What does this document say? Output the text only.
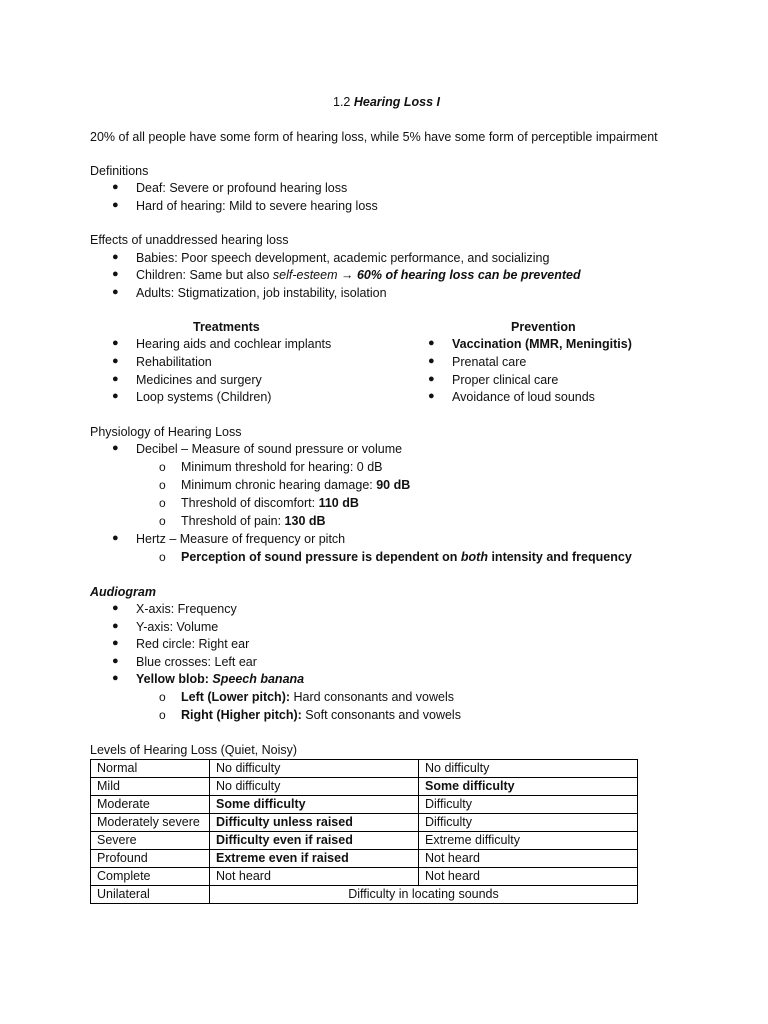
1.2 Hearing Loss I
20% of all people have some form of hearing loss, while 5% have some form of perceptible impairment
Definitions
● Deaf: Severe or profound hearing loss
● Hard of hearing: Mild to severe hearing loss
Effects of unaddressed hearing loss
● Babies: Poor speech development, academic performance, and socializing
● Children: Same but also self-esteem → 60% of hearing loss can be prevented
● Adults: Stigmatization, job instability, isolation
Treatments
● Hearing aids and cochlear implants
● Rehabilitation
● Medicines and surgery
● Loop systems (Children)
Prevention
● Vaccination (MMR, Meningitis)
● Prenatal care
● Proper clinical care
● Avoidance of loud sounds
Physiology of Hearing Loss
● Decibel – Measure of sound pressure or volume
o Minimum threshold for hearing: 0 dB
o Minimum chronic hearing damage: 90 dB
o Threshold of discomfort: 110 dB
o Threshold of pain: 130 dB
● Hertz – Measure of frequency or pitch
o Perception of sound pressure is dependent on both intensity and frequency
Audiogram
● X-axis: Frequency
● Y-axis: Volume
● Red circle: Right ear
● Blue crosses: Left ear
● Yellow blob: Speech banana
o Left (Lower pitch): Hard consonants and vowels
o Right (Higher pitch): Soft consonants and vowels
Levels of Hearing Loss (Quiet, Noisy)
Normal	No difficulty	No difficulty
Mild	No difficulty	Some difficulty
Moderate	Some difficulty	Difficulty
Moderately severe	Difficulty unless raised	Difficulty
Severe	Difficulty even if raised	Extreme difficulty
Profound	Extreme even if raised	Not heard
Complete	Not heard	Not heard
Unilateral	Difficulty in locating sounds	
